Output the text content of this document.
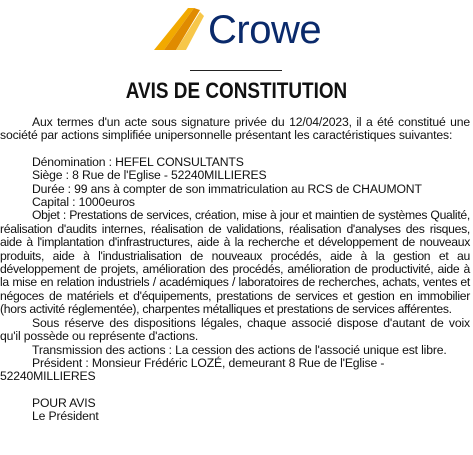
Crowe
AVIS DE CONSTITUTION

Aux termes d'un acte sous signature privée du 12/04/2023, il a été constitué une société par actions simplifiée unipersonnelle présentant les caractéristiques suivantes:

Dénomination : HEFEL CONSULTANTS

Siège : 8 Rue de l'Eglise - 52240MILLIERES

Durée : 99 ans à compter de son immatriculation au RCS de CHAUMONT

Capital : 1000euros

Objet : Prestations de services, création, mise à jour et maintien de systèmes Qualité, réalisation d'audits internes, réalisation de validations, réalisation d'analyses des risques, aide à l'implantation d'infrastructures, aide à la recherche et développement de nouveaux produits, aide à l'industrialisation de nouveaux procédés, aide à la gestion et au développement de projets, amélioration des procédés, amélioration de productivité, aide à la mise en relation industriels / académiques / laboratoires de recherches, achats, ventes et négoces de matériels et d'équipements, prestations de services et gestion en immobilier (hors activité réglementée), charpentes métalliques et prestations de services afférentes.

Sous réserve des dispositions légales, chaque associé dispose d'autant de voix qu'il possède ou représente d'actions.

Transmission des actions : La cession des actions de l'associé unique est libre.

Président : Monsieur Frédéric LOZÉ, demeurant 8 Rue de l'Eglise -

52240MILLIERES

POUR AVIS

Le Président
